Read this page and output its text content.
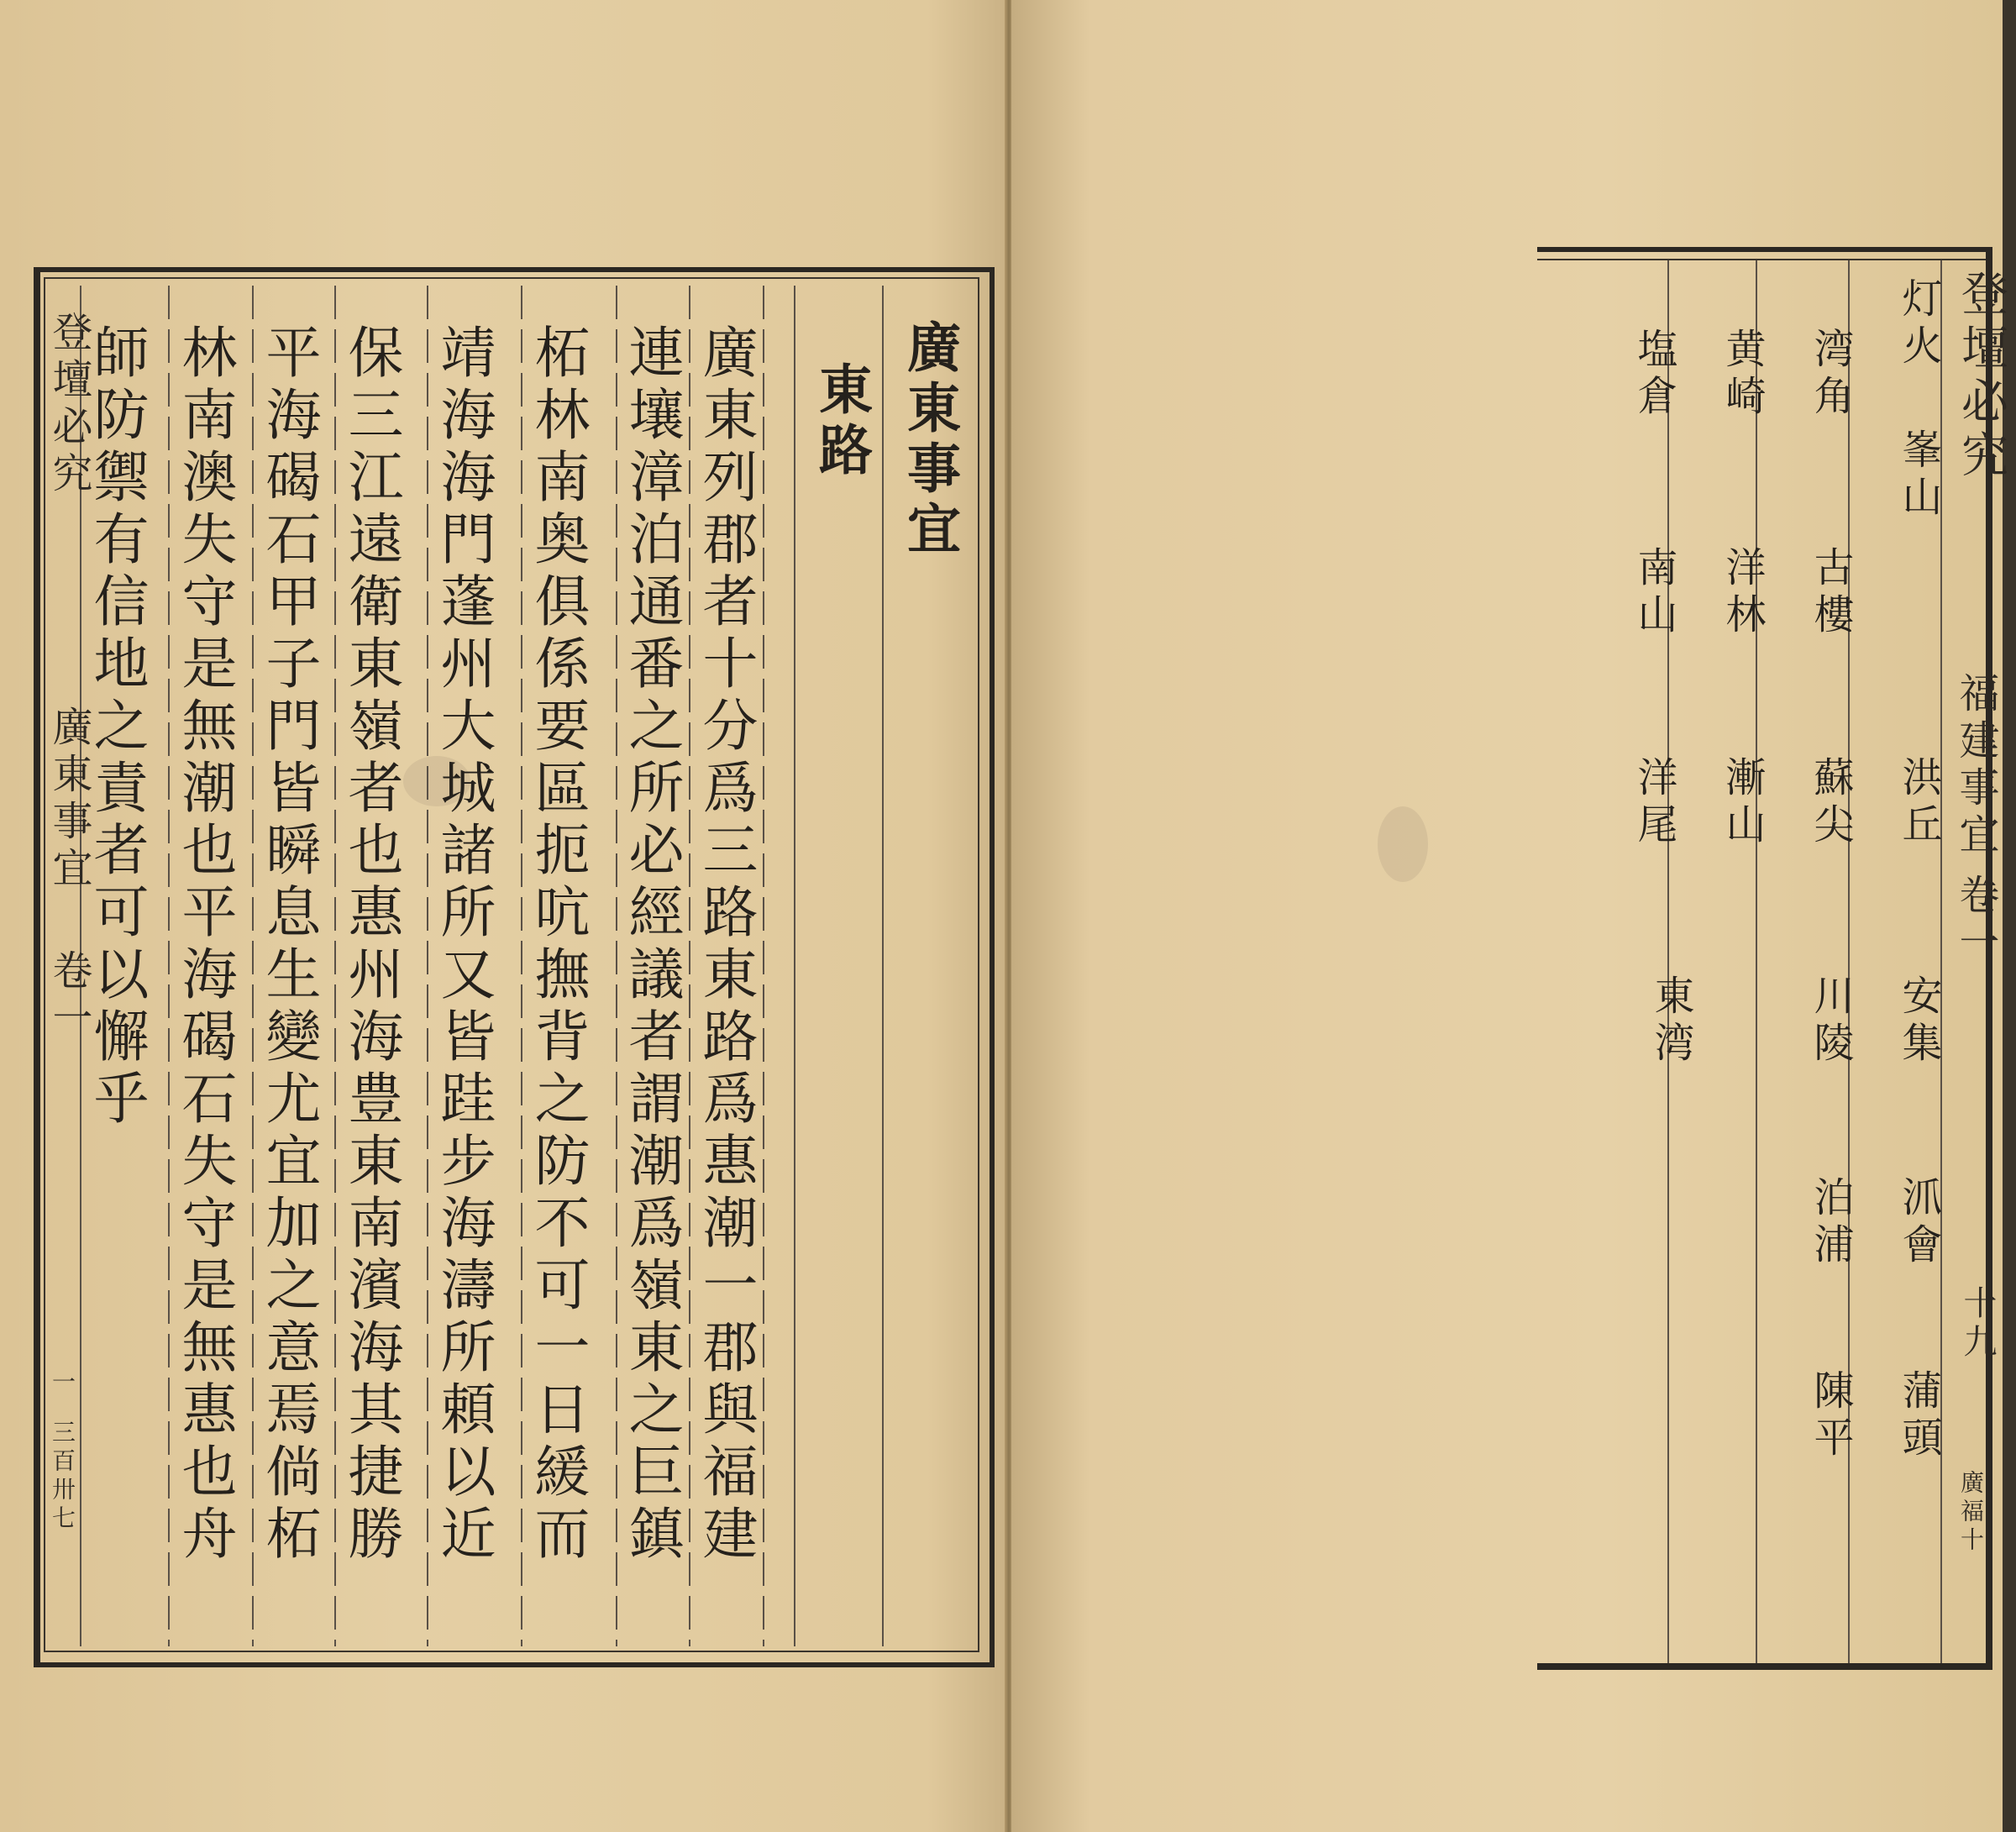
登壇必究
廣東事宜
卷一
一
三百卅七
廣東事宜
東路
廣東列郡者十分爲三路東路爲惠潮一郡與福建
連壤漳泊通番之所必經議者謂潮爲嶺東之巨鎮
柘林南奥俱係要區扼吭撫背之防不可一日緩而
靖海海門蓬州大城諸所又皆跬步海濤所頼以近
保三江遠衛東嶺者也惠州海豊東南濱海其捷勝
平海碣石甲子門皆瞬息生變尤宜加之意焉倘柘
林南澳失守是無潮也平海碣石失守是無惠也舟
師防禦有信地之責者可以懈乎	登壇必究
福建事宜
卷一
十九
廣福十
灯火
峯山
洪丘
安集
沠會
蒲頭
湾角
古樓
蘇尖
川陵
泊浦
陳平
黄崎
洋林
漸山
東湾
塩倉
南山
洋尾
